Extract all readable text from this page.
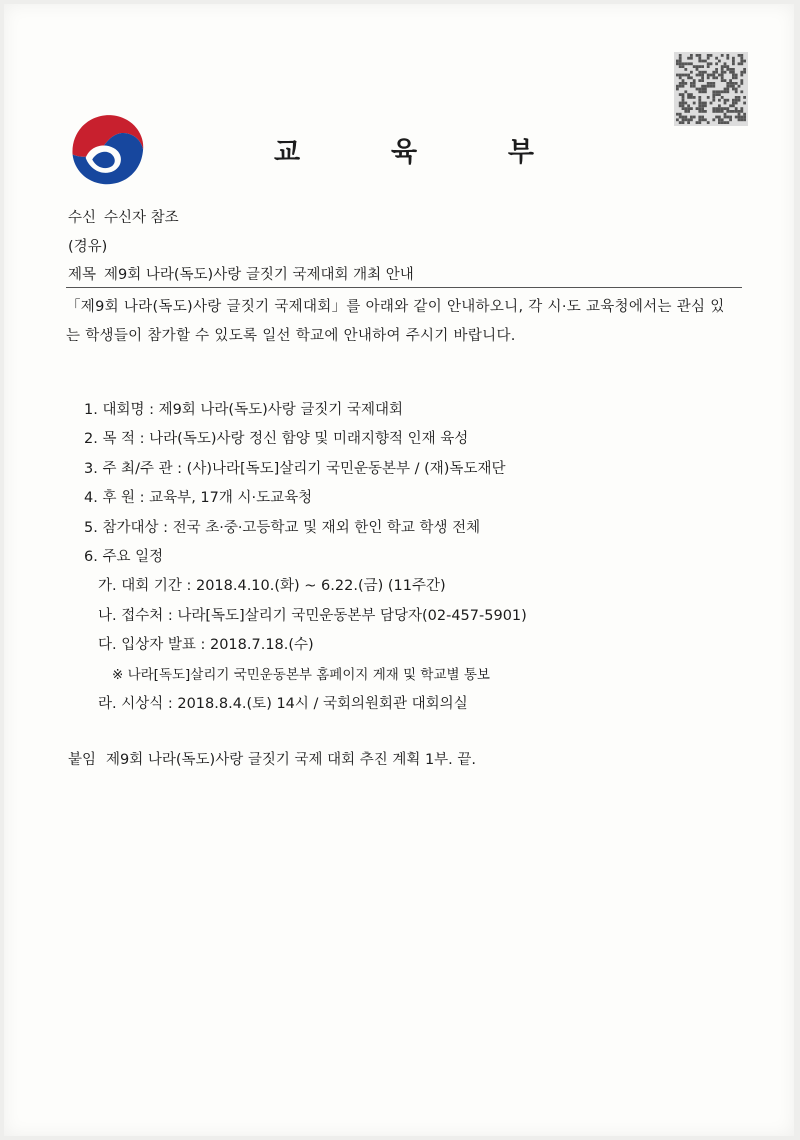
교	육	부
수신 수신자 참조
(경유)
제목 제9회 나라(독도)사랑 글짓기 국제대회 개최 안내
「제9회 나라(독도)사랑 글짓기 국제대회」를 아래와 같이 안내하오니, 각 시·도 교육청에서는 관심 있는 학생들이 참가할 수 있도록 일선 학교에 안내하여 주시기 바랍니다.
1. 대회명 : 제9회 나라(독도)사랑 글짓기 국제대회
2. 목 적 : 나라(독도)사랑 정신 함양 및 미래지향적 인재 육성
3. 주 최/주 관 : (사)나라[독도]살리기 국민운동본부 / (재)독도재단
4. 후 원 : 교육부, 17개 시·도교육청
5. 참가대상 : 전국 초·중·고등학교 및 재외 한인 학교 학생 전체
6. 주요 일정
가. 대회 기간 : 2018.4.10.(화) ~ 6.22.(금) (11주간)
나. 접수처 : 나라[독도]살리기 국민운동본부 담당자(02-457-5901)
다. 입상자 발표 : 2018.7.18.(수)
※ 나라[독도]살리기 국민운동본부 홈페이지 게재 및 학교별 통보
라. 시상식 : 2018.8.4.(토) 14시 / 국회의원회관 대회의실
붙임 제9회 나라(독도)사랑 글짓기 국제 대회 추진 계획 1부. 끝.
